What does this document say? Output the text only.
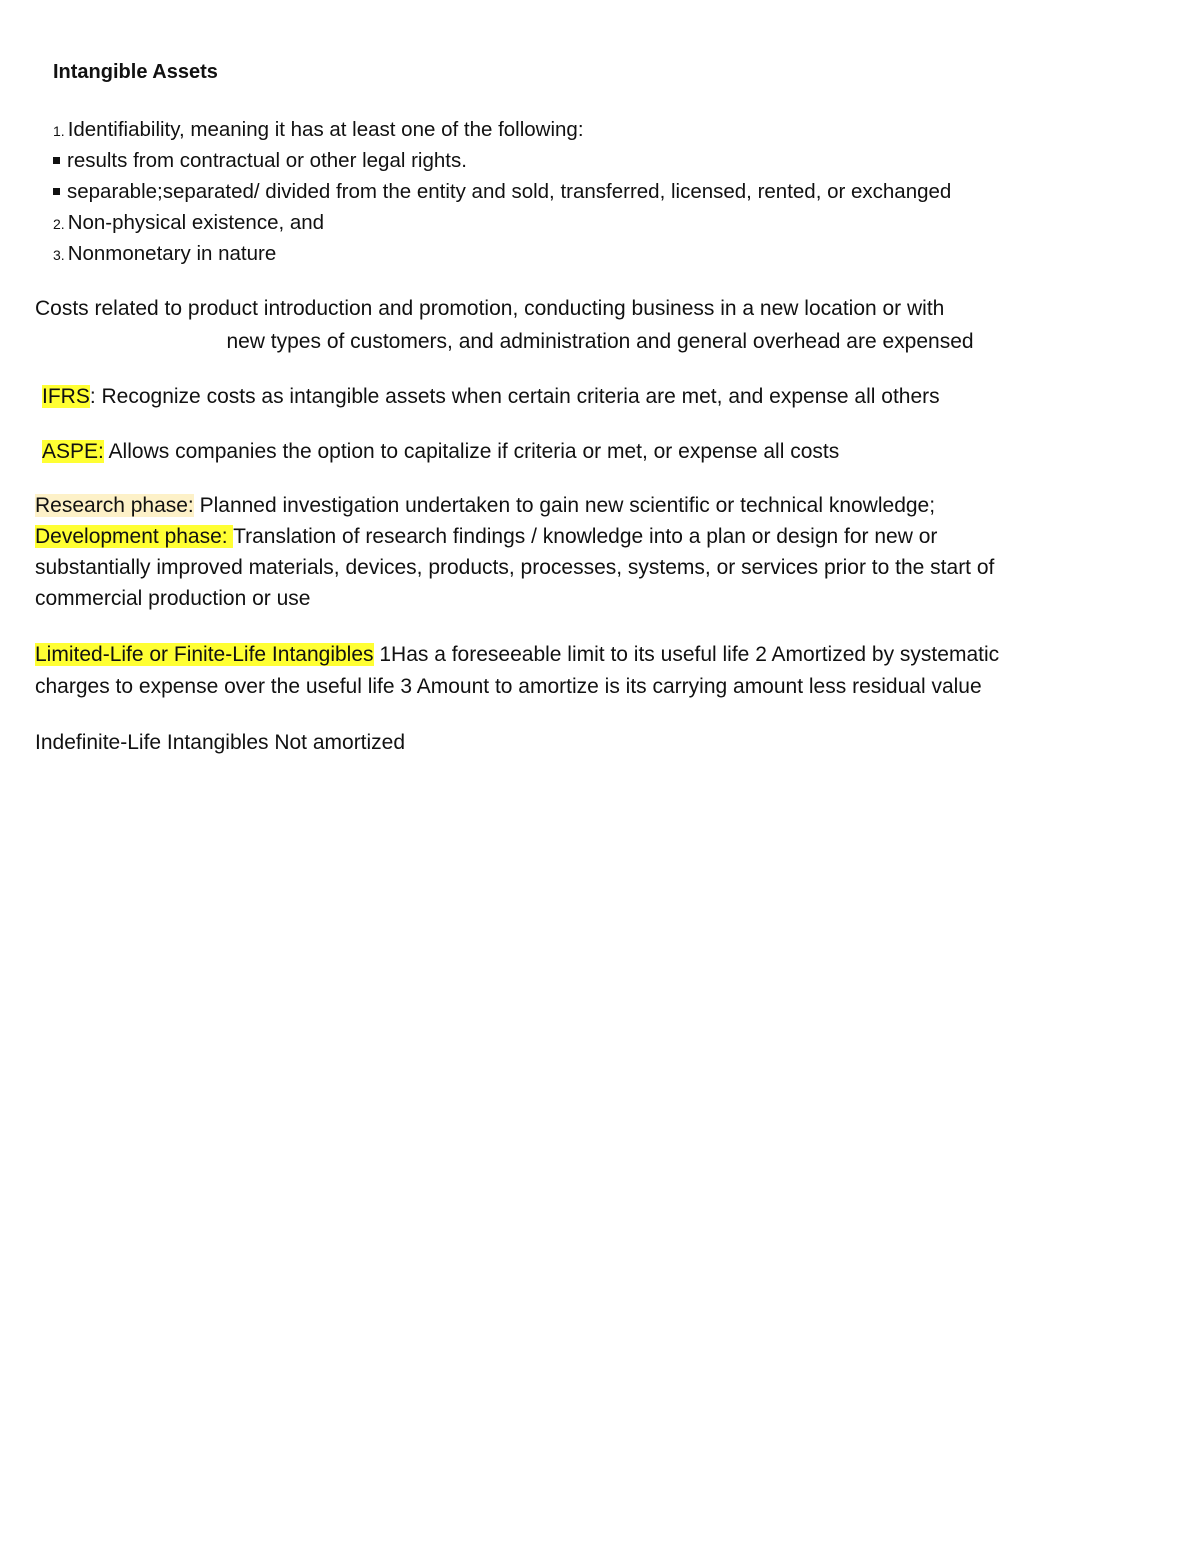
Intangible Assets
1. Identifiability, meaning it has at least one of the following:
results from contractual or other legal rights.
separable;separated/ divided from the entity and sold, transferred, licensed, rented, or exchanged
2. Non-physical existence, and
3. Nonmonetary in nature
Costs related to product introduction and promotion, conducting business in a new location or with
new types of customers, and administration and general overhead are expensed
IFRS: Recognize costs as intangible assets when certain criteria are met, and expense all others
ASPE: Allows companies the option to capitalize if criteria or met, or expense all costs
Research phase: Planned investigation undertaken to gain new scientific or technical knowledge;
Development phase: Translation of research findings / knowledge into a plan or design for new or
substantially improved materials, devices, products, processes, systems, or services prior to the start of
commercial production or use
Limited-Life or Finite-Life Intangibles 1Has a foreseeable limit to its useful life 2 Amortized by systematic
charges to expense over the useful life 3 Amount to amortize is its carrying amount less residual value
Indefinite-Life Intangibles Not amortized
